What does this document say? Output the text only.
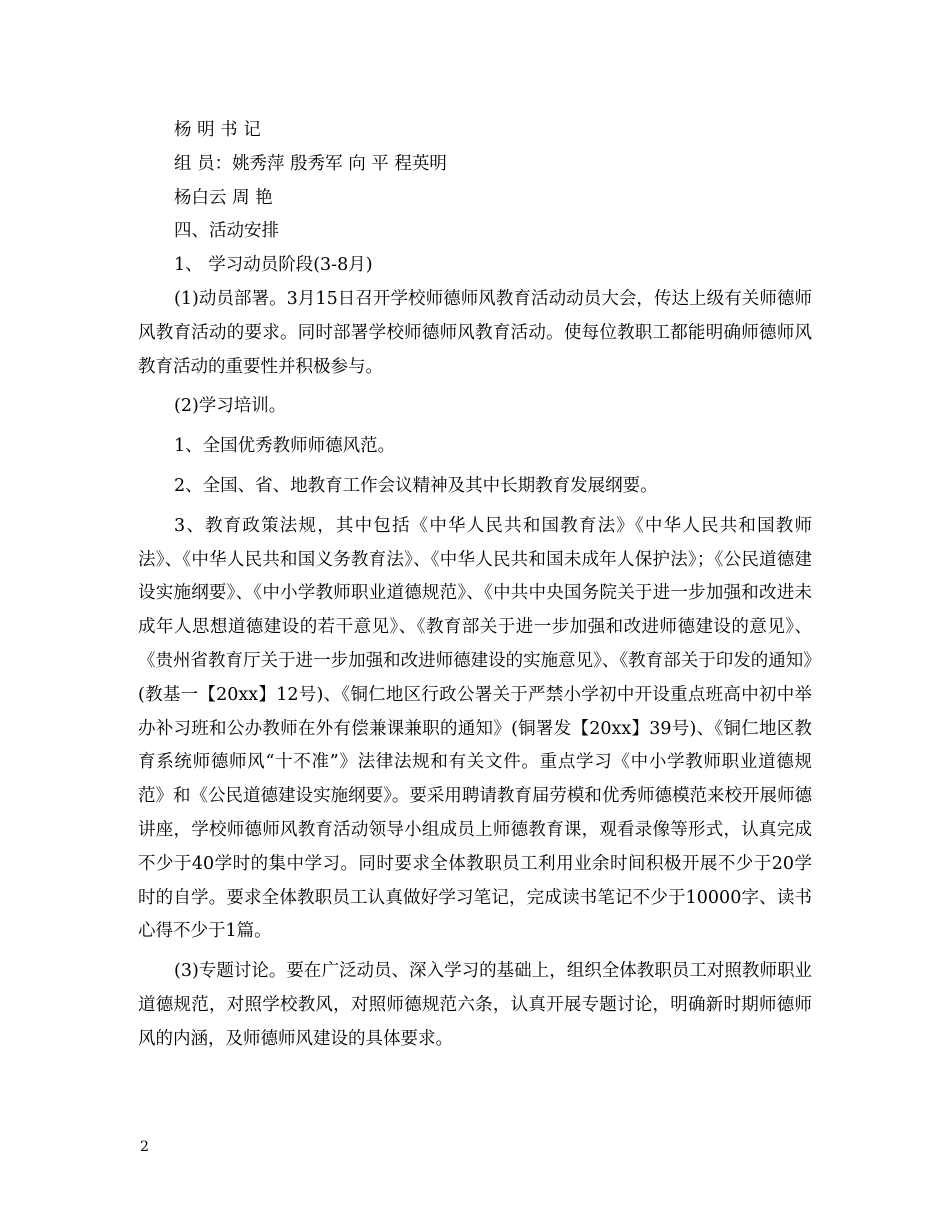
杨 明 书 记

组 员：姚秀萍 殷秀军 向 平 程英明

杨白云 周 艳

四、活动安排

1、 学习动员阶段(3-8月)

(1)动员部署。3月15日召开学校师德师风教育活动动员大会，传达上级有关师德师风教育活动的要求。同时部署学校师德师风教育活动。使每位教职工都能明确师德师风教育活动的重要性并积极参与。

(2)学习培训。

1、全国优秀教师师德风范。

2、全国、省、地教育工作会议精神及其中长期教育发展纲要。

3、教育政策法规，其中包括《中华人民共和国教育法》《中华人民共和国教师法》、《中华人民共和国义务教育法》、《中华人民共和国未成年人保护法》；《公民道德建设实施纲要》、《中小学教师职业道德规范》、《中共中央国务院关于进一步加强和改进未成年人思想道德建设的若干意见》、《教育部关于进一步加强和改进师德建设的意见》、《贵州省教育厅关于进一步加强和改进师德建设的实施意见》、《教育部关于印发的通知》(教基一【20xx】12号)、《铜仁地区行政公署关于严禁小学初中开设重点班高中初中举办补习班和公办教师在外有偿兼课兼职的通知》(铜署发【20xx】39号)、《铜仁地区教育系统师德师风“十不准”》法律法规和有关文件。重点学习《中小学教师职业道德规范》和《公民道德建设实施纲要》。要采用聘请教育届劳模和优秀师德模范来校开展师德讲座，学校师德师风教育活动领导小组成员上师德教育课，观看录像等形式，认真完成不少于40学时的集中学习。同时要求全体教职员工利用业余时间积极开展不少于20学时的自学。要求全体教职员工认真做好学习笔记，完成读书笔记不少于10000字、读书心得不少于1篇。

(3)专题讨论。要在广泛动员、深入学习的基础上，组织全体教职员工对照教师职业道德规范，对照学校教风，对照师德规范六条，认真开展专题讨论，明确新时期师德师风的内涵，及师德师风建设的具体要求。

2
